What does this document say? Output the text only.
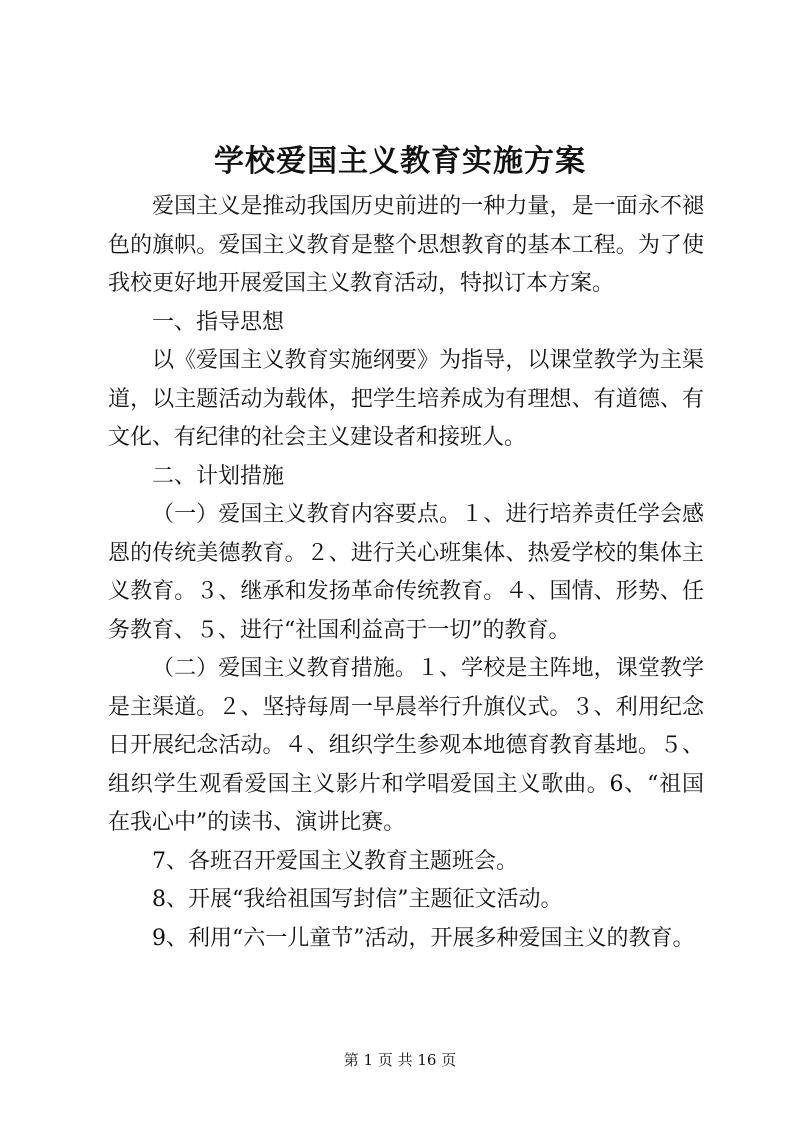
学校爱国主义教育实施方案

爱国主义是推动我国历史前进的一种力量，是一面永不褪色的旗帜。爱国主义教育是整个思想教育的基本工程。为了使我校更好地开展爱国主义教育活动，特拟订本方案。

一、指导思想

以《爱国主义教育实施纲要》为指导，以课堂教学为主渠道，以主题活动为载体，把学生培养成为有理想、有道德、有文化、有纪律的社会主义建设者和接班人。

二、计划措施

（一）爱国主义教育内容要点。１、进行培养责任学会感恩的传统美德教育。２、进行关心班集体、热爱学校的集体主义教育。３、继承和发扬革命传统教育。４、国情、形势、任务教育、５、进行“社国利益高于一切”的教育。

（二）爱国主义教育措施。１、学校是主阵地，课堂教学是主渠道。２、坚持每周一早晨举行升旗仪式。３、利用纪念日开展纪念活动。４、组织学生参观本地德育教育基地。５、组织学生观看爱国主义影片和学唱爱国主义歌曲。6、“祖国在我心中”的读书、演讲比赛。

7、各班召开爱国主义教育主题班会。

8、开展“我给祖国写封信”主题征文活动。

9、利用“六一儿童节”活动，开展多种爱国主义的教育。

第 1 页 共 16 页
